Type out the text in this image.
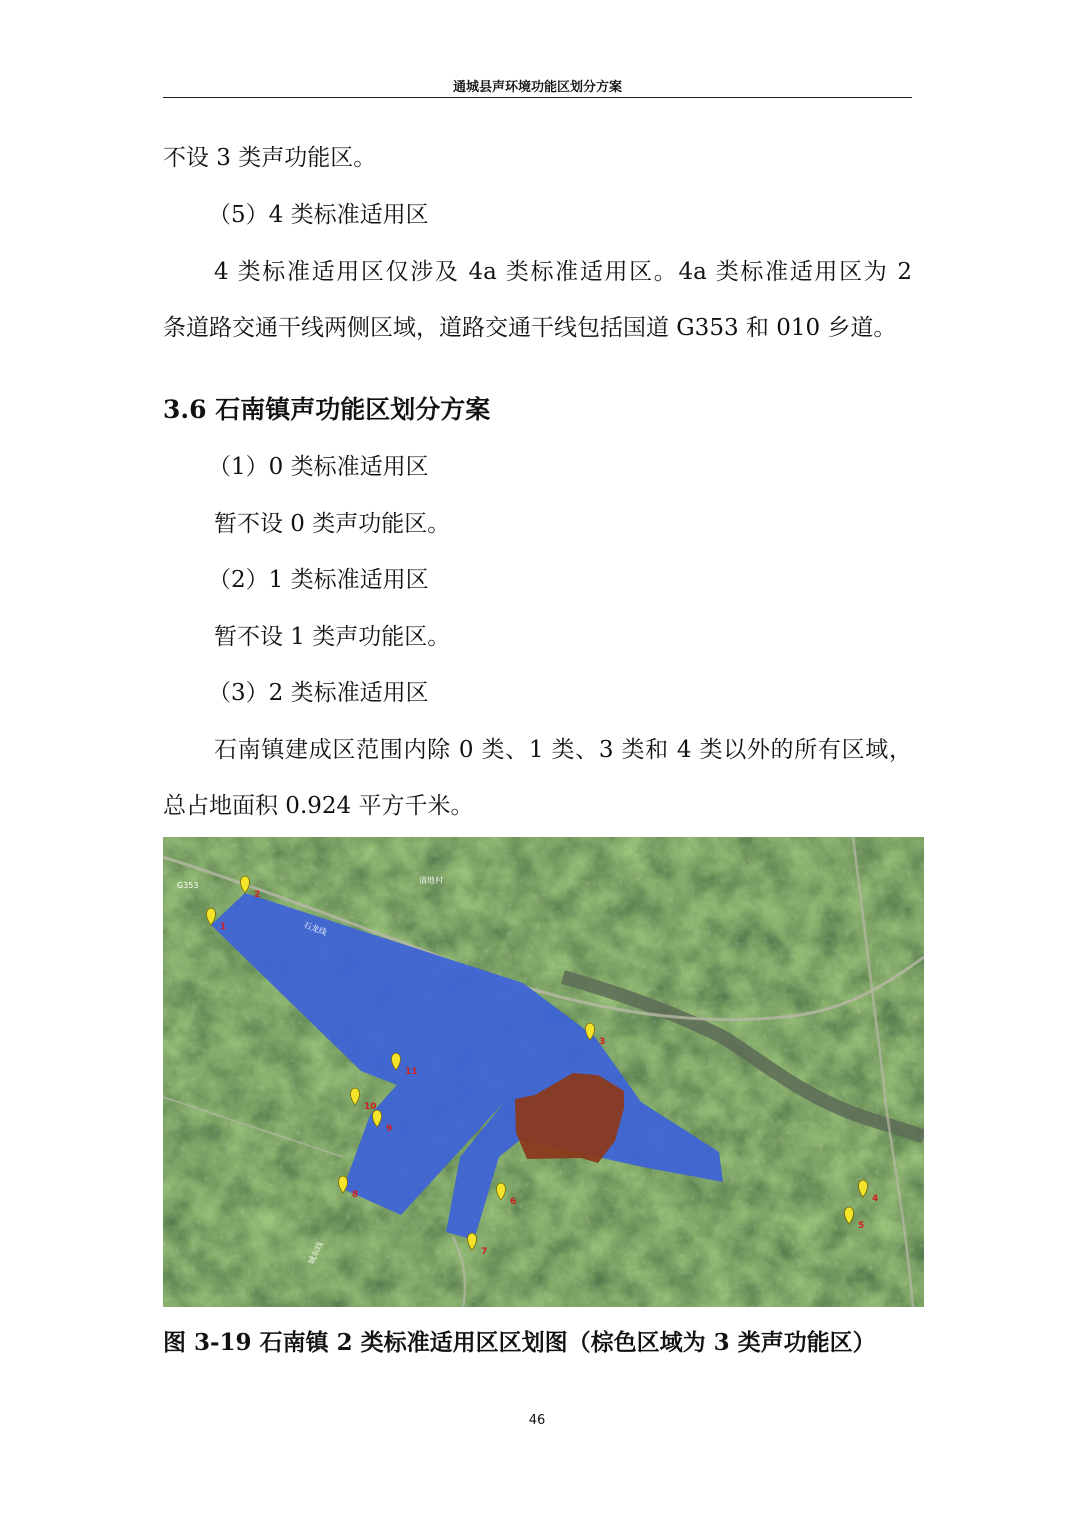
通城县声环境功能区划分方案
不设 3 类声功能区。
（5）4 类标准适用区
4 类标准适用区仅涉及 4a 类标准适用区。4a 类标准适用区为 2
条道路交通干线两侧区域，道路交通干线包括国道 G353 和 010 乡道。
3.6 石南镇声功能区划分方案
（1）0 类标准适用区
暂不设 0 类声功能区。
（2）1 类标准适用区
暂不设 1 类声功能区。
（3）2 类标准适用区
石南镇建成区范围内除 0 类、1 类、3 类和 4 类以外的所有区域，
总占地面积 0.924 平方千米。
G353
石龙线
清地村
城东线
1
2
3
4
5
6
7
8
9
10
11
图 3-19 石南镇 2 类标准适用区区划图（棕色区域为 3 类声功能区）
46
